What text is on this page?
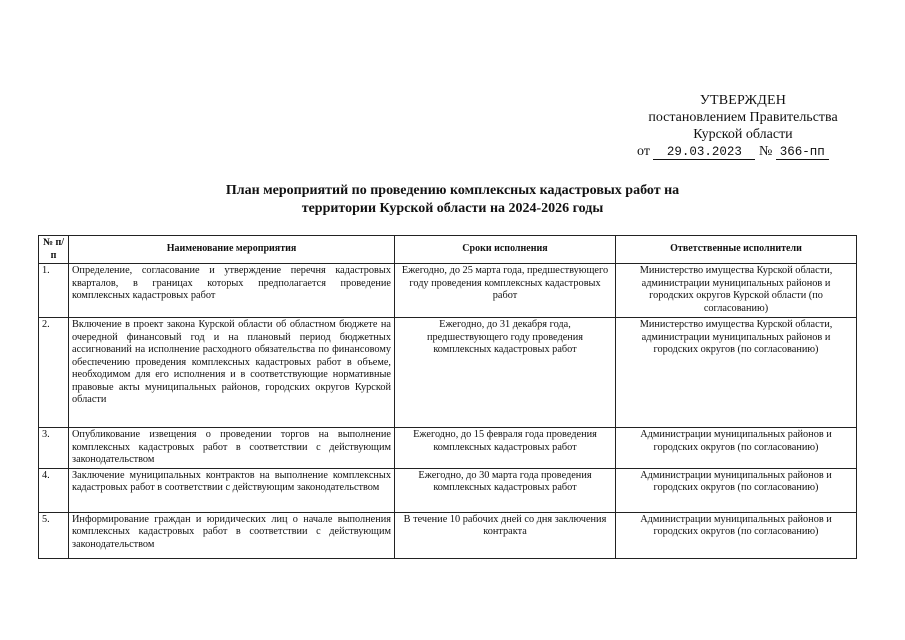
УТВЕРЖДЕН
постановлением Правительства
Курской области
от 29.03.2023 № 366-пп
План мероприятий по проведению комплексных кадастровых работ на
территории Курской области на 2024-2026 годы
№ п/п	Наименование мероприятия	Сроки исполнения	Ответственные исполнители
1.	Определение, согласование и утверждение перечня кадастровых кварталов, в границах которых предполагается проведение комплексных кадастровых работ	Ежегодно, до 25 марта года, предшествующего году проведения комплексных кадастровых работ	Министерство имущества Курской области, администрации муниципальных районов и городских округов Курской области (по согласованию)
2.	Включение в проект закона Курской области об областном бюджете на очередной финансовый год и на плановый период бюджетных ассигнований на исполнение расходного обязательства по финансовому обеспечению проведения комплексных кадастровых работ в объеме, необходимом для его исполнения и в соответствующие нормативные правовые акты муниципальных районов, городских округов Курской области	Ежегодно, до 31 декабря года, предшествующего году проведения комплексных кадастровых работ	Министерство имущества Курской области, администрации муниципальных районов и городских округов (по согласованию)
3.	Опубликование извещения о проведении торгов на выполнение комплексных кадастровых работ в соответствии с действующим законодательством	Ежегодно, до 15 февраля года проведения комплексных кадастровых работ	Администрации муниципальных районов и городских округов (по согласованию)
4.	Заключение муниципальных контрактов на выполнение комплексных кадастровых работ в соответствии с действующим законодательством	Ежегодно, до 30 марта года проведения комплексных кадастровых работ	Администрации муниципальных районов и городских округов (по согласованию)
5.	Информирование граждан и юридических лиц о начале выполнения комплексных кадастровых работ в соответствии с действующим законодательством	В течение 10 рабочих дней со дня заключения контракта	Администрации муниципальных районов и городских округов (по согласованию)
